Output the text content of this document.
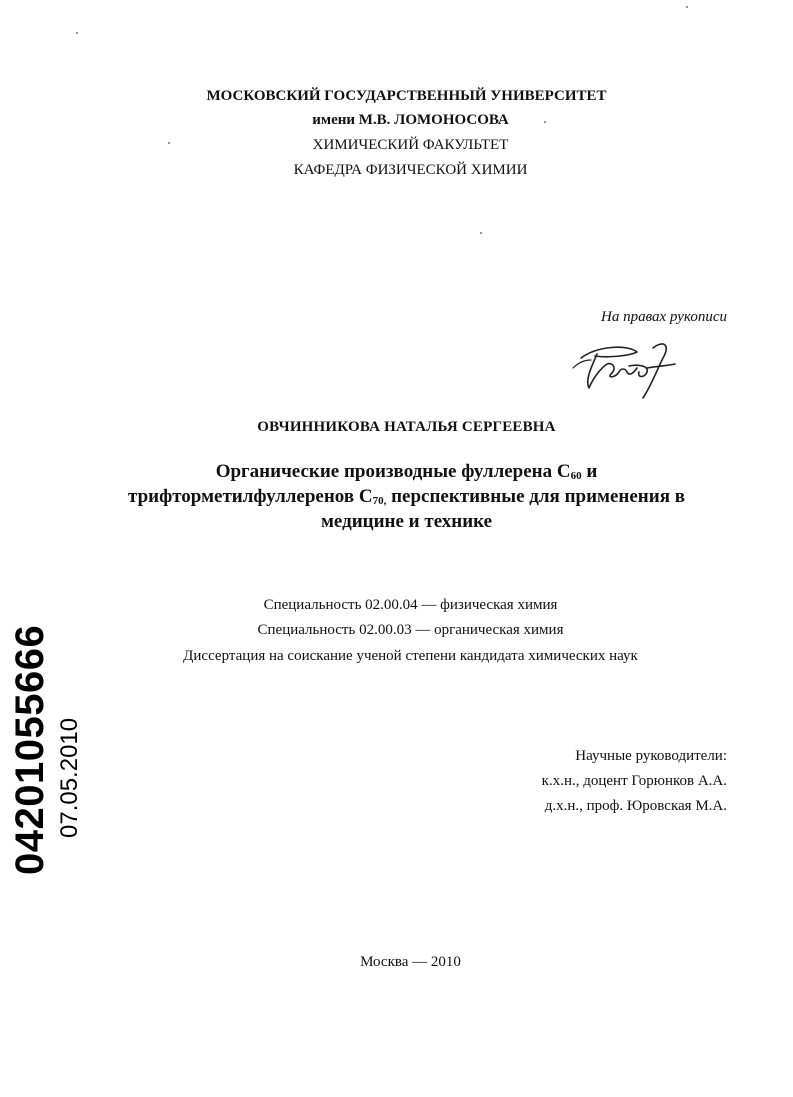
МОСКОВСКИЙ ГОСУДАРСТВЕННЫЙ УНИВЕРСИТЕТ
имени М.В. ЛОМОНОСОВА
ХИМИЧЕСКИЙ ФАКУЛЬТЕТ
КАФЕДРА ФИЗИЧЕСКОЙ ХИМИИ
На правах рукописи
ОВЧИННИКОВА НАТАЛЬЯ СЕРГЕЕВНА
Органические производные фуллерена $C_{60}$ и
трифторметилфуллеренов $C_{70,}$ перспективные для применения в
медицине и технике
Специальность 02.00.04 — физическая химия
Специальность 02.00.03 — органическая химия
Диссертация на соискание ученой степени кандидата химических наук
Научные руководители:
к.х.н., доцент Горюнков А.А.
д.х.н., проф. Юровская М.А.
Москва — 2010
04201055666 07.05.2010
